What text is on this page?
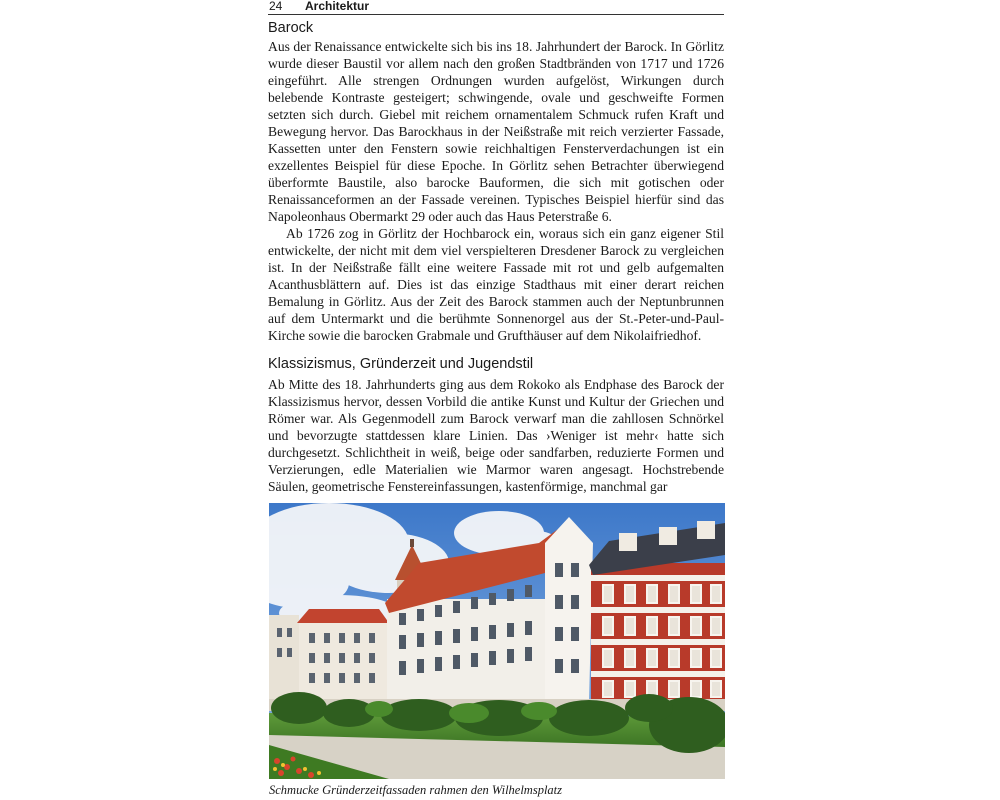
24 Architektur
Barock

Aus der Renaissance entwickelte sich bis ins 18. Jahrhundert der Barock. In Görlitz wurde dieser Baustil vor allem nach den großen Stadtbränden von 1717 und 1726 eingeführt. Alle strengen Ordnungen wurden aufgelöst, Wirkungen durch belebende Kontraste gesteigert; schwingende, ovale und geschweifte Formen setzten sich durch. Giebel mit reichem ornamentalem Schmuck rufen Kraft und Bewegung hervor. Das Barockhaus in der Neißstraße mit reich verzierter Fassade, Kassetten unter den Fenstern sowie reichhaltigen Fensterverdachungen ist ein exzellentes Beispiel für diese Epoche. In Görlitz sehen Betrachter überwiegend überformte Baustile, also barocke Bauformen, die sich mit gotischen oder Renaissanceformen an der Fassade vereinen. Typisches Beispiel hierfür sind das Napoleonhaus Obermarkt 29 oder auch das Haus Peterstraße 6.

Ab 1726 zog in Görlitz der Hochbarock ein, woraus sich ein ganz eigener Stil entwickelte, der nicht mit dem viel verspielteren Dresdener Barock zu vergleichen ist. In der Neißstraße fällt eine weitere Fassade mit rot und gelb aufgemalten Acanthusblättern auf. Dies ist das einzige Stadthaus mit einer derart reichen Bemalung in Görlitz. Aus der Zeit des Barock stammen auch der Neptunbrunnen auf dem Untermarkt und die berühmte Sonnenorgel aus der St.-Peter-und-Paul-Kirche sowie die barocken Grabmale und Grufthäuser auf dem Nikolaifriedhof.

Klassizismus, Gründerzeit und Jugendstil

Ab Mitte des 18. Jahrhunderts ging aus dem Rokoko als Endphase des Barock der Klassizismus hervor, dessen Vorbild die antike Kunst und Kultur der Griechen und Römer war. Als Gegenmodell zum Barock verwarf man die zahllosen Schnörkel und bevorzugte stattdessen klare Linien. Das ›Weniger ist mehr‹ hatte sich durchgesetzt. Schlichtheit in weiß, beige oder sandfarben, reduzierte Formen und Verzierungen, edle Materialien wie Marmor waren angesagt. Hochstrebende Säulen, geometrische Fenstereinfassungen, kastenförmige, manchmal gar

Schmucke Gründerzeitfassaden rahmen den Wilhelmsplatz
